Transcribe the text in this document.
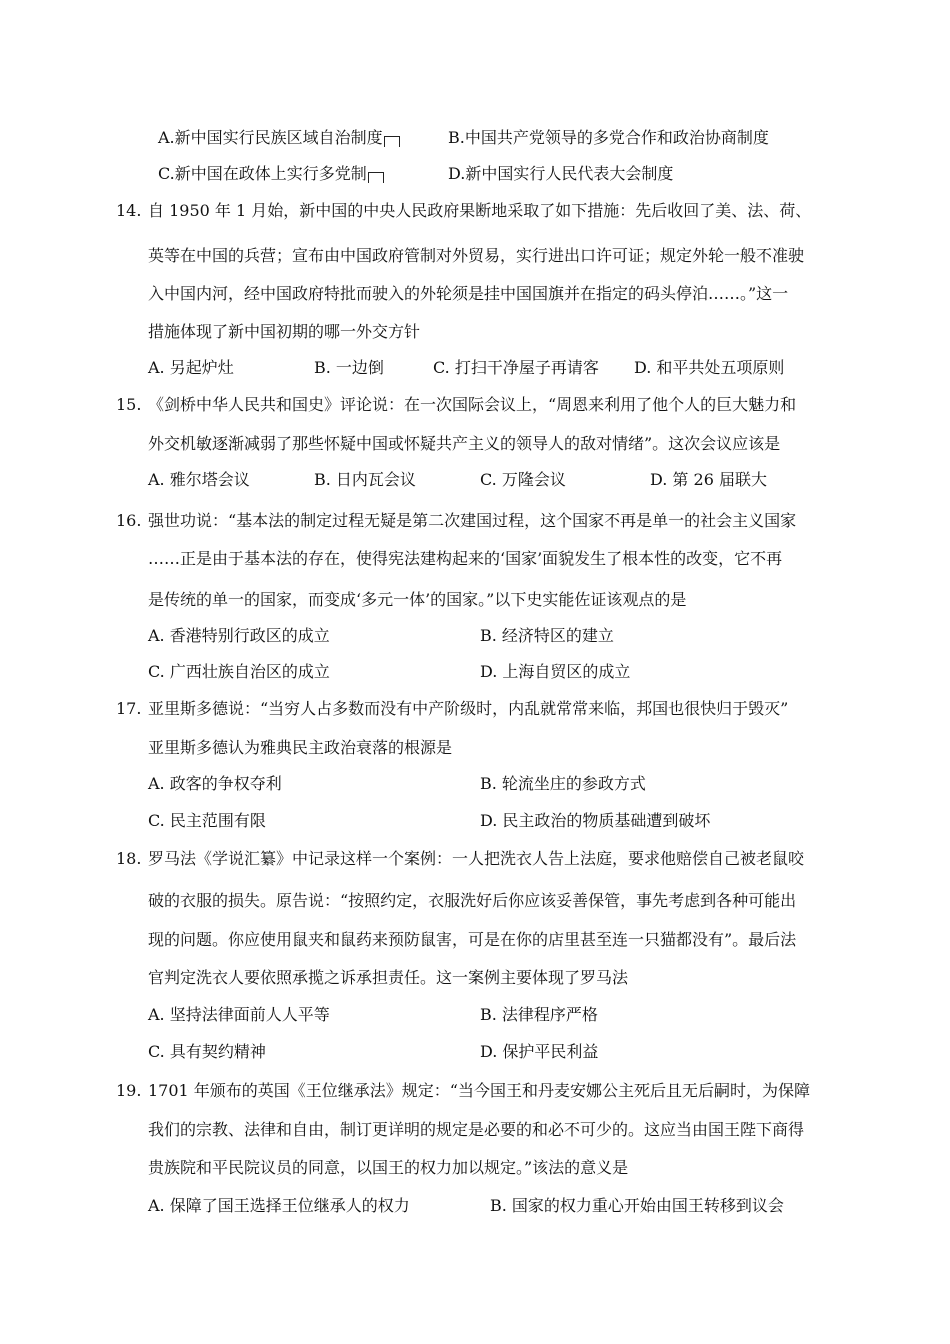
A.新中国实行民族区域自治制度	B.中国共产党领导的多党合作和政治协商制度
C.新中国在政体上实行多党制	D.新中国实行人民代表大会制度
14. 自 1950 年 1 月始，新中国的中央人民政府果断地采取了如下措施：先后收回了美、法、荷、
英等在中国的兵营；宣布由中国政府管制对外贸易，实行进出口许可证；规定外轮一般不准驶
入中国内河，经中国政府特批而驶入的外轮须是挂中国国旗并在指定的码头停泊……。”这一
措施体现了新中国初期的哪一外交方针
A. 另起炉灶	B. 一边倒	C. 打扫干净屋子再请客 D. 和平共处五项原则
15. 《剑桥中华人民共和国史》评论说：在一次国际会议上，“周恩来利用了他个人的巨大魅力和
外交机敏逐渐减弱了那些怀疑中国或怀疑共产主义的领导人的敌对情绪”。这次会议应该是
A. 雅尔塔会议	B. 日内瓦会议	C. 万隆会议	D. 第 26 届联大
16. 强世功说：“基本法的制定过程无疑是第二次建国过程，这个国家不再是单一的社会主义国家
……正是由于基本法的存在，使得宪法建构起来的‘国家’面貌发生了根本性的改变，它不再
是传统的单一的国家，而变成‘多元一体’的国家。”以下史实能佐证该观点的是
A. 香港特别行政区的成立	B. 经济特区的建立
C. 广西壮族自治区的成立	D. 上海自贸区的成立
17. 亚里斯多德说：“当穷人占多数而没有中产阶级时，内乱就常常来临，邦国也很快归于毁灭”
亚里斯多德认为雅典民主政治衰落的根源是
A. 政客的争权夺利	B. 轮流坐庄的参政方式
C. 民主范围有限	D. 民主政治的物质基础遭到破坏
18. 罗马法《学说汇纂》中记录这样一个案例：一人把洗衣人告上法庭，要求他赔偿自己被老鼠咬
破的衣服的损失。原告说：“按照约定，衣服洗好后你应该妥善保管，事先考虑到各种可能出
现的问题。你应使用鼠夹和鼠药来预防鼠害，可是在你的店里甚至连一只猫都没有”。最后法
官判定洗衣人要依照承揽之诉承担责任。这一案例主要体现了罗马法
A. 坚持法律面前人人平等	B. 法律程序严格
C. 具有契约精神	D. 保护平民利益
19. 1701 年颁布的英国《王位继承法》规定：“当今国王和丹麦安娜公主死后且无后嗣时，为保障
我们的宗教、法律和自由，制订更详明的规定是必要的和必不可少的。这应当由国王陛下商得
贵族院和平民院议员的同意，以国王的权力加以规定。”该法的意义是
A. 保障了国王选择王位继承人的权力	B. 国家的权力重心开始由国王转移到议会
